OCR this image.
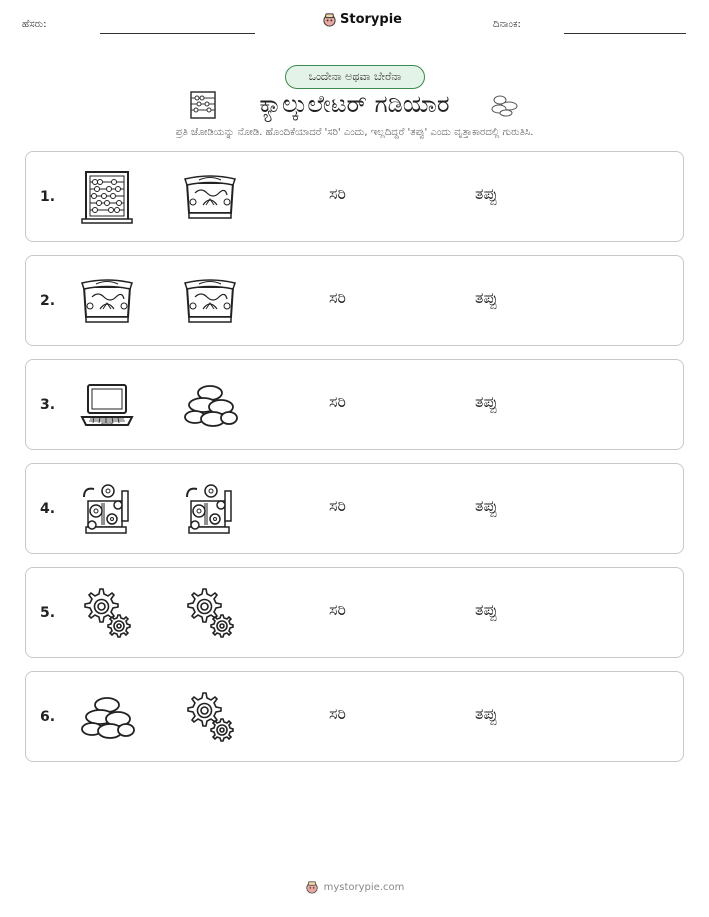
ಹೆಸರು:	Storypie	ದಿನಾಂಕ:
ಒಂದೇನಾ ಅಥವಾ ಬೇರೆನಾ
ಕ್ಯಾಲ್ಕುಲೇಟರ್ ಗಡಿಯಾರ
ಪ್ರತಿ ಜೋಡಿಯನ್ನು ನೋಡಿ. ಹೊಂದಿಕೆಯಾದರೆ 'ಸರಿ' ಎಂದು, ಇಲ್ಲದಿದ್ದರೆ 'ತಪ್ಪು' ಎಂದು ವೃತ್ತಾಕಾರದಲ್ಲಿ ಗುರುತಿಸಿ.
1.	ಸರಿ	ತಪ್ಪು
2.	ಸರಿ	ತಪ್ಪು
3.	ಸರಿ	ತಪ್ಪು
4.	ಸರಿ	ತಪ್ಪು
5.	ಸರಿ	ತಪ್ಪು
6.	ಸರಿ	ತಪ್ಪು
mystorypie.com
